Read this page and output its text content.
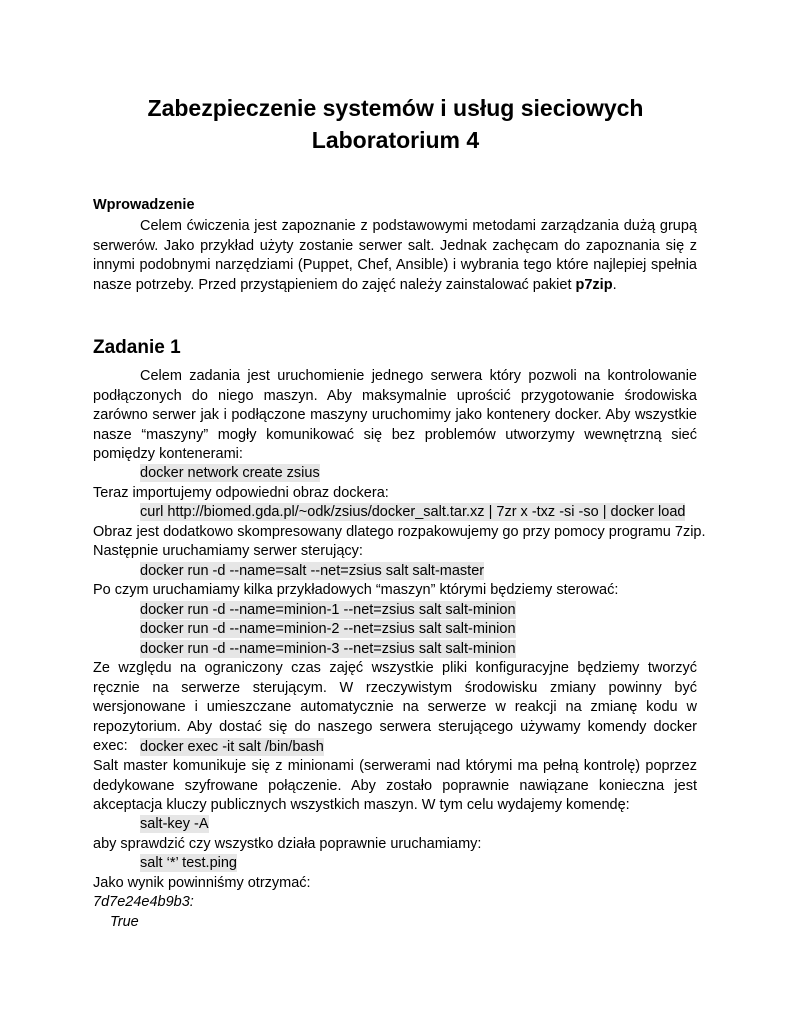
Zabezpieczenie systemów i usług sieciowych
Laboratorium 4
Wprowadzenie
Celem ćwiczenia jest zapoznanie z podstawowymi metodami zarządzania dużą grupą serwerów. Jako przykład użyty zostanie serwer salt. Jednak zachęcam do zapoznania się z innymi podobnymi narzędziami (Puppet, Chef, Ansible) i wybrania tego które najlepiej spełnia nasze potrzeby. Przed przystąpieniem do zajęć należy zainstalować pakiet p7zip.
Zadanie 1
Celem zadania jest uruchomienie jednego serwera który pozwoli na kontrolowanie podłączonych do niego maszyn. Aby maksymalnie uprościć przygotowanie środowiska zarówno serwer jak i podłączone maszyny uruchomimy jako kontenery docker. Aby wszystkie nasze “maszyny” mogły komunikować się bez problemów utworzymy wewnętrzną sieć pomiędzy kontenerami:
docker network create zsius
Teraz importujemy odpowiedni obraz dockera:
curl http://biomed.gda.pl/~odk/zsius/docker_salt.tar.xz | 7zr x -txz -si -so | docker load
Obraz jest dodatkowo skompresowany dlatego rozpakowujemy go przy pomocy programu 7zip.
Następnie uruchamiamy serwer sterujący:
docker run -d --name=salt --net=zsius salt salt-master
Po czym uruchamiamy kilka przykładowych “maszyn” którymi będziemy sterować:
docker run -d --name=minion-1 --net=zsius salt salt-minion
docker run -d --name=minion-2 --net=zsius salt salt-minion
docker run -d --name=minion-3 --net=zsius salt salt-minion
Ze względu na ograniczony czas zajęć wszystkie pliki konfiguracyjne będziemy tworzyć ręcznie na serwerze sterującym. W rzeczywistym środowisku zmiany powinny być wersjonowane i umieszczane automatycznie na serwerze w reakcji na zmianę kodu w repozytorium. Aby dostać się do naszego serwera sterującego używamy komendy docker exec: docker exec -it salt /bin/bash
Salt master komunikuje się z minionami (serwerami nad którymi ma pełną kontrolę) poprzez dedykowane szyfrowane połączenie. Aby zostało poprawnie nawiązane konieczna jest akceptacja kluczy publicznych wszystkich maszyn. W tym celu wydajemy komendę:
salt-key -A
aby sprawdzić czy wszystko działa poprawnie uruchamiamy:
salt ‘*’ test.ping
Jako wynik powinniśmy otrzymać:
7d7e24e4b9b3:
True
